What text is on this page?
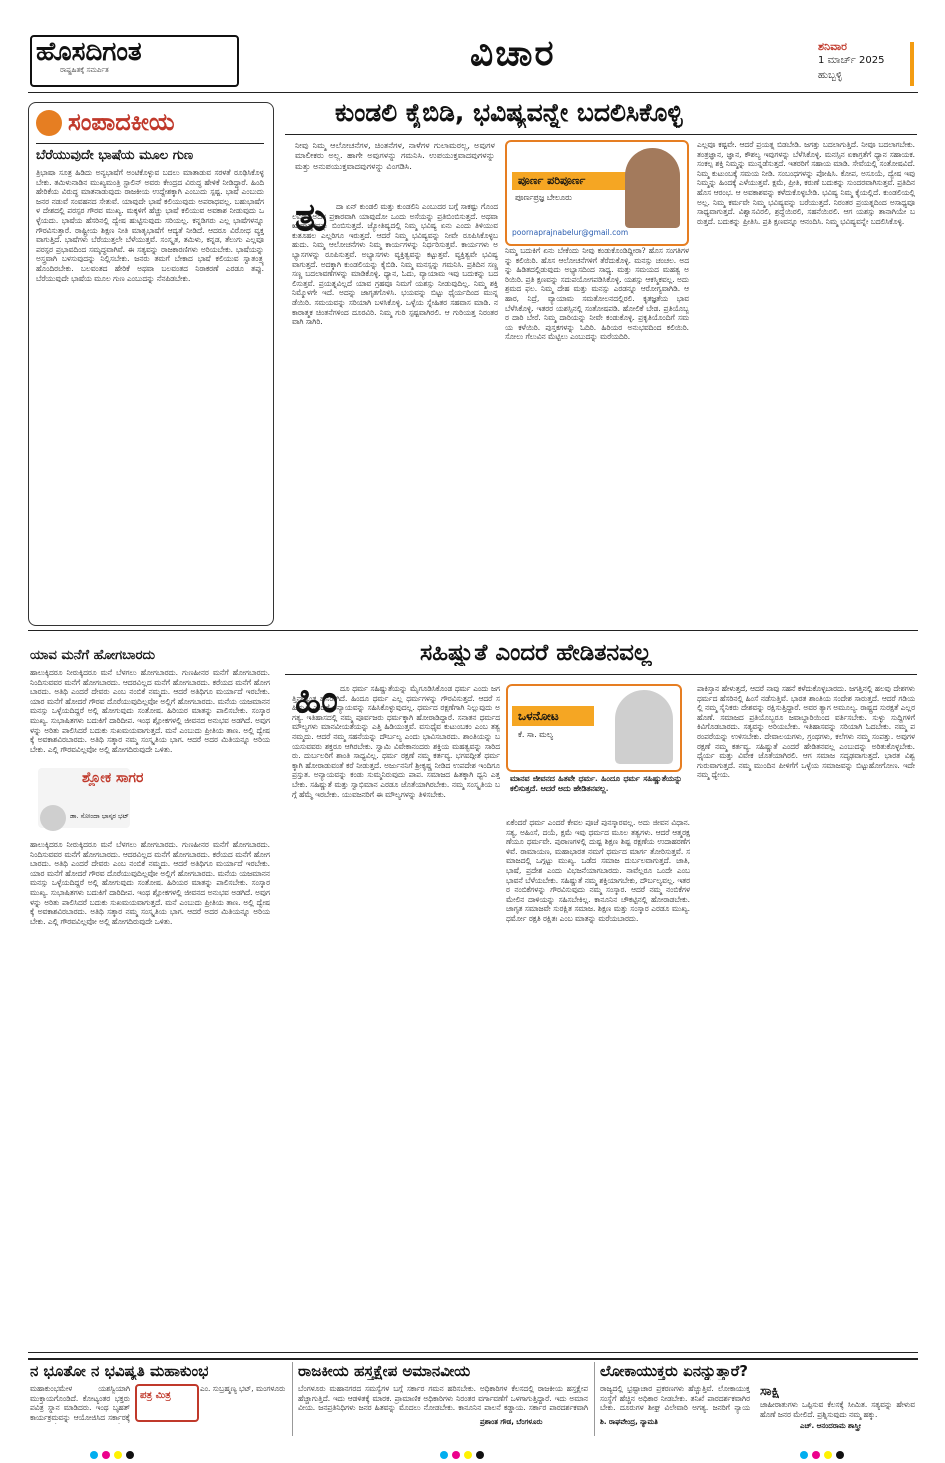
ಹೊಸದಿಗಂತ
ರಾಷ್ಟ್ರಹಿತಕ್ಕೆ ಸಮರ್ಪಿತ	ವಿಚಾರ	ಶನಿವಾರ
1 ಮಾರ್ಚ್ 2025
ಹುಬ್ಬಳ್ಳಿ
ಸಂಪಾದಕೀಯ
ಬೆರೆಯುವುದೇ ಭಾಷೆಯ ಮೂಲ ಗುಣ
ತ್ರಿಭಾಷಾ ಸೂತ್ರ ಹಿಡಿದು ಅನ್ಯಭಾಷೆಗೆ ಅಂಟಿಕೊಳ್ಳುವ ಬದಲು ಮಾತಾಡುವ ಸರಳತೆ ರೂಢಿಸಿಕೊಳ್ಳಬೇಕು. ತಮಿಳುನಾಡಿನ ಮುಖ್ಯಮಂತ್ರಿ ಸ್ಟಾಲಿನ್ ಅವರು ಕೇಂದ್ರದ ವಿರುದ್ಧ ಹೇಳಿಕೆ ನೀಡಿದ್ದಾರೆ. ಹಿಂದಿ ಹೇರಿಕೆಯ ವಿರುದ್ಧ ಮಾತನಾಡುವುದು ರಾಜಕೀಯ ಉದ್ದೇಶಕ್ಕಾಗಿ ಎಂಬುದು ಸ್ಪಷ್ಟ. ಭಾಷೆ ಎಂಬುದು ಜನರ ನಡುವೆ ಸಂವಹನದ ಸೇತುವೆ. ಯಾವುದೇ ಭಾಷೆ ಕಲಿಯುವುದು ಅಪರಾಧವಲ್ಲ. ಬಹುಭಾಷೆಗಳ ದೇಶದಲ್ಲಿ ಪರಸ್ಪರ ಗೌರವ ಮುಖ್ಯ. ಮಕ್ಕಳಿಗೆ ಹೆಚ್ಚು ಭಾಷೆ ಕಲಿಯುವ ಅವಕಾಶ ನೀಡುವುದು ಒಳ್ಳೆಯದು. ಭಾಷೆಯ ಹೆಸರಿನಲ್ಲಿ ದ್ವೇಷ ಹುಟ್ಟಿಸುವುದು ಸರಿಯಲ್ಲ. ಕನ್ನಡಿಗರು ಎಲ್ಲ ಭಾಷೆಗಳನ್ನೂ ಗೌರವಿಸುತ್ತಾರೆ. ರಾಷ್ಟ್ರೀಯ ಶಿಕ್ಷಣ ನೀತಿ ಮಾತೃಭಾಷೆಗೆ ಆದ್ಯತೆ ನೀಡಿದೆ. ಆದರೂ ವಿರೋಧ ವ್ಯಕ್ತವಾಗುತ್ತಿದೆ. ಭಾಷೆಗಳು ಬೆರೆಯುತ್ತಲೇ ಬೆಳೆಯುತ್ತವೆ. ಸಂಸ್ಕೃತ, ತಮಿಳು, ಕನ್ನಡ, ತೆಲುಗು ಎಲ್ಲವೂ ಪರಸ್ಪರ ಪ್ರಭಾವದಿಂದ ಸಮೃದ್ಧವಾಗಿವೆ. ಈ ಸತ್ಯವನ್ನು ರಾಜಕಾರಣಿಗಳು ಅರಿಯಬೇಕು. ಭಾಷೆಯನ್ನು ಅಸ್ತ್ರವಾಗಿ ಬಳಸುವುದನ್ನು ನಿಲ್ಲಿಸಬೇಕು. ಜನರು ತಮಗೆ ಬೇಕಾದ ಭಾಷೆ ಕಲಿಯುವ ಸ್ವಾತಂತ್ರ್ಯ ಹೊಂದಿರಬೇಕು. ಬಲವಂತದ ಹೇರಿಕೆ ಅಥವಾ ಬಲವಂತದ ನಿರಾಕರಣೆ ಎರಡೂ ತಪ್ಪು. ಬೆರೆಯುವುದೇ ಭಾಷೆಯ ಮೂಲ ಗುಣ ಎಂಬುದನ್ನು ನೆನಪಿಡಬೇಕು.
ಕುಂಡಲಿ ಕೈಬಿಡಿ, ಭವಿಷ್ಯವನ್ನೇ ಬದಲಿಸಿಕೊಳ್ಳಿ
ನೀವು ನಿಮ್ಮ ಆಲೋಚನೆಗಳ, ಚಿಂತನೆಗಳ, ನಾಳೆಗಳ ಗುಲಾಮರಲ್ಲ, ಅವುಗಳ ಮಾಲೀಕರು ಅಲ್ಲ. ಹಾಗೇ ಅವುಗಳನ್ನು ಗಮನಿಸಿ. ಉಪಯುಕ್ತವಾದವುಗಳನ್ನು ಮತ್ತು ಅನುಪಯುಕ್ತವಾದವುಗಳನ್ನು ವಿಂಗಡಿಸಿ.
ಪೂರ್ಣ ಪರಿಪೂರ್ಣ
ಪೂರ್ಣಪ್ರಜ್ಞ ಬೇಲೂರು
poornaprajnabelur@gmail.com
ತು	ದಾ ಏನ್ ಕುಂಡಲಿ ಮತ್ತು ಕುಂಡಲಿನಿ ಎಂಬುದರ ಬಗ್ಗೆ ಸಾಕಷ್ಟು ಗೊಂದಲವಿದೆ. ಅದರ ಪ್ರಕಾರವಾಗಿ ಯಾವುದೋ ಒಂದು ಅಸೆಯನ್ನು ಪ್ರತಿಬಿಂಬಿಸುತ್ತದೆ. ಅಥವಾ ಋಣಾತ್ಮಕವನ್ನು ಬಿಂಬಿಸುತ್ತದೆ. ಜ್ಯೋತಿಷ್ಯದಲ್ಲಿ ನಿಮ್ಮ ಭವಿಷ್ಯ ಏನು ಎಂದು ತಿಳಿಯುವ ಕುತೂಹಲ ಎಲ್ಲರಿಗೂ ಇರುತ್ತದೆ. ಆದರೆ ನಿಮ್ಮ ಭವಿಷ್ಯವನ್ನು ನೀವೇ ರೂಪಿಸಿಕೊಳ್ಳಬಹುದು. ನಿಮ್ಮ ಆಲೋಚನೆಗಳು ನಿಮ್ಮ ಕಾರ್ಯಗಳನ್ನು ನಿರ್ಧರಿಸುತ್ತವೆ. ಕಾರ್ಯಗಳು ಅಭ್ಯಾಸಗಳನ್ನು ರೂಪಿಸುತ್ತವೆ. ಅಭ್ಯಾಸಗಳು ವ್ಯಕ್ತಿತ್ವವನ್ನು ಕಟ್ಟುತ್ತವೆ. ವ್ಯಕ್ತಿತ್ವವೇ ಭವಿಷ್ಯವಾಗುತ್ತದೆ. ಅದಕ್ಕಾಗಿ ಕುಂಡಲಿಯನ್ನು ಕೈಬಿಡಿ. ನಿಮ್ಮ ಮನಸ್ಸನ್ನು ಗಮನಿಸಿ. ಪ್ರತಿದಿನ ಸಣ್ಣ ಸಣ್ಣ ಬದಲಾವಣೆಗಳನ್ನು ಮಾಡಿಕೊಳ್ಳಿ. ಧ್ಯಾನ, ಓದು, ವ್ಯಾಯಾಮ ಇವು ಬದುಕನ್ನು ಬದಲಿಸುತ್ತವೆ. ಪ್ರಯತ್ನವಿಲ್ಲದೆ ಯಾವ ಗ್ರಹವೂ ನಿಮಗೆ ಯಶಸ್ಸು ನೀಡುವುದಿಲ್ಲ. ನಿಮ್ಮ ಶಕ್ತಿ ನಿಮ್ಮೊಳಗೇ ಇದೆ. ಅದನ್ನು ಜಾಗೃತಗೊಳಿಸಿ. ಭಯವನ್ನು ಬಿಟ್ಟು ಧೈರ್ಯದಿಂದ ಮುನ್ನಡೆಯಿರಿ. ಸಮಯವನ್ನು ಸರಿಯಾಗಿ ಬಳಸಿಕೊಳ್ಳಿ. ಒಳ್ಳೆಯ ಸ್ನೇಹಿತರ ಸಹವಾಸ ಮಾಡಿ. ನಕಾರಾತ್ಮಕ ಚಿಂತನೆಗಳಿಂದ ದೂರವಿರಿ. ನಿಮ್ಮ ಗುರಿ ಸ್ಪಷ್ಟವಾಗಿರಲಿ. ಆ ಗುರಿಯತ್ತ ನಿರಂತರವಾಗಿ ಸಾಗಿರಿ.
ನಿಮ್ಮ ಬದುಕಿಗೆ ಏನು ಬೇಕೆಂದು ನೀವು ಕಂಡುಕೊಂಡಿದ್ದೀರಾ? ಹೊಸ ಸಂಗತಿಗಳನ್ನು ಕಲಿಯಿರಿ. ಹೊಸ ಆಲೋಚನೆಗಳಿಗೆ ತೆರೆದುಕೊಳ್ಳಿ. ಮನಸ್ಸು ಚಂಚಲ. ಅದನ್ನು ಹಿಡಿತದಲ್ಲಿಡುವುದು ಅಭ್ಯಾಸದಿಂದ ಸಾಧ್ಯ. ಮತ್ತು ಸಮಯದ ಮಹತ್ವ ಅರಿಯಿರಿ. ಪ್ರತಿ ಕ್ಷಣವನ್ನು ಸದುಪಯೋಗಪಡಿಸಿಕೊಳ್ಳಿ. ಯಶಸ್ಸು ಆಕಸ್ಮಿಕವಲ್ಲ. ಅದು ಶ್ರಮದ ಫಲ. ನಿಮ್ಮ ದೇಹ ಮತ್ತು ಮನಸ್ಸು ಎರಡನ್ನೂ ಆರೋಗ್ಯವಾಗಿಡಿ. ಆಹಾರ, ನಿದ್ರೆ, ವ್ಯಾಯಾಮ ಸಮತೋಲನದಲ್ಲಿರಲಿ. ಕೃತಜ್ಞತೆಯ ಭಾವ ಬೆಳೆಸಿಕೊಳ್ಳಿ. ಇತರರ ಯಶಸ್ಸಿನಲ್ಲಿ ಸಂತೋಷಪಡಿ. ಹೋಲಿಕೆ ಬೇಡ. ಪ್ರತಿಯೊಬ್ಬರ ದಾರಿ ಬೇರೆ. ನಿಮ್ಮ ದಾರಿಯನ್ನು ನೀವೇ ಕಂಡುಕೊಳ್ಳಿ. ಪ್ರಕೃತಿಯೊಂದಿಗೆ ಸಮಯ ಕಳೆಯಿರಿ. ಪುಸ್ತಕಗಳನ್ನು ಓದಿರಿ. ಹಿರಿಯರ ಅನುಭವದಿಂದ ಕಲಿಯಿರಿ. ಸೋಲು ಗೆಲುವಿನ ಮೆಟ್ಟಿಲು ಎಂಬುದನ್ನು ಮರೆಯದಿರಿ.
ಎಲ್ಲವೂ ಕಷ್ಟವೇ. ಆದರೆ ಪ್ರಯತ್ನ ಬಿಡಬೇಡಿ. ಜಗತ್ತು ಬದಲಾಗುತ್ತಿದೆ. ನೀವೂ ಬದಲಾಗಬೇಕು. ತಂತ್ರಜ್ಞಾನ, ಜ್ಞಾನ, ಕೌಶಲ್ಯ ಇವುಗಳನ್ನು ಬೆಳೆಸಿಕೊಳ್ಳಿ. ಮನಸ್ಸಿನ ಏಕಾಗ್ರತೆಗೆ ಧ್ಯಾನ ಸಹಾಯಕ. ಸಂಕಲ್ಪ ಶಕ್ತಿ ನಿಮ್ಮನ್ನು ಮುನ್ನಡೆಸುತ್ತದೆ. ಇತರರಿಗೆ ಸಹಾಯ ಮಾಡಿ. ಸೇವೆಯಲ್ಲಿ ಸಂತೋಷವಿದೆ. ನಿಮ್ಮ ಕುಟುಂಬಕ್ಕೆ ಸಮಯ ನೀಡಿ. ಸಂಬಂಧಗಳನ್ನು ಪೋಷಿಸಿ. ಕೋಪ, ಅಸೂಯೆ, ದ್ವೇಷ ಇವು ನಿಮ್ಮನ್ನು ಹಿಂದಕ್ಕೆ ಎಳೆಯುತ್ತವೆ. ಕ್ಷಮೆ, ಪ್ರೀತಿ, ಕರುಣೆ ಬದುಕನ್ನು ಸುಂದರವಾಗಿಸುತ್ತವೆ. ಪ್ರತಿದಿನ ಹೊಸ ಆರಂಭ. ಆ ಅವಕಾಶವನ್ನು ಕಳೆದುಕೊಳ್ಳಬೇಡಿ. ಭವಿಷ್ಯ ನಿಮ್ಮ ಕೈಯಲ್ಲಿದೆ. ಕುಂಡಲಿಯಲ್ಲಿ ಅಲ್ಲ. ನಿಮ್ಮ ಕರ್ಮವೇ ನಿಮ್ಮ ಭವಿಷ್ಯವನ್ನು ಬರೆಯುತ್ತದೆ. ನಿರಂತರ ಪ್ರಯತ್ನದಿಂದ ಅಸಾಧ್ಯವೂ ಸಾಧ್ಯವಾಗುತ್ತದೆ. ವಿಶ್ವಾಸವಿರಲಿ, ಶ್ರದ್ಧೆಯಿರಲಿ, ಸಹನೆಯಿರಲಿ. ಆಗ ಯಶಸ್ಸು ತಾನಾಗಿಯೇ ಬರುತ್ತದೆ. ಬದುಕನ್ನು ಪ್ರೀತಿಸಿ. ಪ್ರತಿ ಕ್ಷಣವನ್ನೂ ಆನಂದಿಸಿ. ನಿಮ್ಮ ಭವಿಷ್ಯವನ್ನೇ ಬದಲಿಸಿಕೊಳ್ಳಿ.
ಯಾವ ಮನೆಗೆ ಹೋಗಬಾರದು
ಹಾಲುಕ್ಕಿದರೂ ನೀರುಕ್ಕಿದರೂ ಮನೆ ಬೆಳಗಲು ಹೋಗಬಾರದು. ಗುಣಹೀನರ ಮನೆಗೆ ಹೋಗಬಾರದು. ನಿಂದಿಸುವವರ ಮನೆಗೆ ಹೋಗಬಾರದು. ಆದರವಿಲ್ಲದ ಮನೆಗೆ ಹೋಗಬಾರದು. ಕರೆಯದ ಮನೆಗೆ ಹೋಗಬಾರದು. ಅತಿಥಿ ಎಂದರೆ ದೇವರು ಎಂಬ ನಂಬಿಕೆ ನಮ್ಮದು. ಆದರೆ ಅತಿಥಿಗೂ ಮರ್ಯಾದೆ ಇರಬೇಕು. ಯಾರ ಮನೆಗೆ ಹೋದರೆ ಗೌರವ ದೊರೆಯುವುದಿಲ್ಲವೋ ಅಲ್ಲಿಗೆ ಹೋಗಬಾರದು. ಮನೆಯ ಯಜಮಾನನ ಮನಸ್ಸು ಒಳ್ಳೆಯದಿದ್ದರೆ ಅಲ್ಲಿ ಹೋಗುವುದು ಸಂತೋಷ. ಹಿರಿಯರ ಮಾತನ್ನು ಪಾಲಿಸಬೇಕು. ಸಂಸ್ಕಾರ ಮುಖ್ಯ. ಸುಭಾಷಿತಗಳು ಬದುಕಿಗೆ ದಾರಿದೀಪ. ಇಂಥ ಶ್ಲೋಕಗಳಲ್ಲಿ ಜೀವನದ ಅನುಭವ ಅಡಗಿದೆ. ಅವುಗಳನ್ನು ಅರಿತು ಪಾಲಿಸಿದರೆ ಬದುಕು ಸುಖಮಯವಾಗುತ್ತದೆ. ಮನೆ ಎಂಬುದು ಪ್ರೀತಿಯ ತಾಣ. ಅಲ್ಲಿ ದ್ವೇಷಕ್ಕೆ ಅವಕಾಶವಿರಬಾರದು. ಅತಿಥಿ ಸತ್ಕಾರ ನಮ್ಮ ಸಂಸ್ಕೃತಿಯ ಭಾಗ. ಆದರೆ ಅದರ ಮಿತಿಯನ್ನೂ ಅರಿಯಬೇಕು. ಎಲ್ಲಿ ಗೌರವವಿಲ್ಲವೋ ಅಲ್ಲಿ ಹೋಗದಿರುವುದೇ ಒಳಿತು.
ಶ್ಲೋಕ ಸಾಗರ
ಡಾ. ಸೋಂದಾ ಭಾಸ್ಕರ ಭಟ್
ಹಾಲುಕ್ಕಿದರೂ ನೀರುಕ್ಕಿದರೂ ಮನೆ ಬೆಳಗಲು ಹೋಗಬಾರದು. ಗುಣಹೀನರ ಮನೆಗೆ ಹೋಗಬಾರದು. ನಿಂದಿಸುವವರ ಮನೆಗೆ ಹೋಗಬಾರದು. ಆದರವಿಲ್ಲದ ಮನೆಗೆ ಹೋಗಬಾರದು. ಕರೆಯದ ಮನೆಗೆ ಹೋಗಬಾರದು. ಅತಿಥಿ ಎಂದರೆ ದೇವರು ಎಂಬ ನಂಬಿಕೆ ನಮ್ಮದು. ಆದರೆ ಅತಿಥಿಗೂ ಮರ್ಯಾದೆ ಇರಬೇಕು. ಯಾರ ಮನೆಗೆ ಹೋದರೆ ಗೌರವ ದೊರೆಯುವುದಿಲ್ಲವೋ ಅಲ್ಲಿಗೆ ಹೋಗಬಾರದು. ಮನೆಯ ಯಜಮಾನನ ಮನಸ್ಸು ಒಳ್ಳೆಯದಿದ್ದರೆ ಅಲ್ಲಿ ಹೋಗುವುದು ಸಂತೋಷ. ಹಿರಿಯರ ಮಾತನ್ನು ಪಾಲಿಸಬೇಕು. ಸಂಸ್ಕಾರ ಮುಖ್ಯ. ಸುಭಾಷಿತಗಳು ಬದುಕಿಗೆ ದಾರಿದೀಪ. ಇಂಥ ಶ್ಲೋಕಗಳಲ್ಲಿ ಜೀವನದ ಅನುಭವ ಅಡಗಿದೆ. ಅವುಗಳನ್ನು ಅರಿತು ಪಾಲಿಸಿದರೆ ಬದುಕು ಸುಖಮಯವಾಗುತ್ತದೆ. ಮನೆ ಎಂಬುದು ಪ್ರೀತಿಯ ತಾಣ. ಅಲ್ಲಿ ದ್ವೇಷಕ್ಕೆ ಅವಕಾಶವಿರಬಾರದು. ಅತಿಥಿ ಸತ್ಕಾರ ನಮ್ಮ ಸಂಸ್ಕೃತಿಯ ಭಾಗ. ಆದರೆ ಅದರ ಮಿತಿಯನ್ನೂ ಅರಿಯಬೇಕು. ಎಲ್ಲಿ ಗೌರವವಿಲ್ಲವೋ ಅಲ್ಲಿ ಹೋಗದಿರುವುದೇ ಒಳಿತು.
ಸಹಿಷ್ಣುತೆ ಎಂದರೆ ಹೇಡಿತನವಲ್ಲ
ಹಿಂ ದೂ ಧರ್ಮ ಸಹಿಷ್ಣುತೆಯನ್ನು ಮೈಗೂಡಿಸಿಕೊಂಡ ಧರ್ಮ ಎಂದು ಜಗತ್ತಿನಾದ್ಯಂತ ಹೆಸರಾಗಿದೆ. ಹಿಂದೂ ಧರ್ಮ ಎಲ್ಲ ಧರ್ಮಗಳನ್ನು ಗೌರವಿಸುತ್ತದೆ. ಆದರೆ ಸಹಿಷ್ಣುತೆ ಎಂದರೆ ಅನ್ಯಾಯವನ್ನು ಸಹಿಸಿಕೊಳ್ಳುವುದಲ್ಲ. ಧರ್ಮದ ರಕ್ಷಣೆಗಾಗಿ ನಿಲ್ಲುವುದು ಅಗತ್ಯ. ಇತಿಹಾಸದಲ್ಲಿ ನಮ್ಮ ಪೂರ್ವಜರು ಧರ್ಮಕ್ಕಾಗಿ ಹೋರಾಡಿದ್ದಾರೆ. ಸನಾತನ ಧರ್ಮದ ಮೌಲ್ಯಗಳು ಮಾನವೀಯತೆಯನ್ನು ಎತ್ತಿ ಹಿಡಿಯುತ್ತವೆ. ವಸುಧೈವ ಕುಟುಂಬಕಂ ಎಂಬ ತತ್ವ ನಮ್ಮದು. ಆದರೆ ನಮ್ಮ ಸಹನೆಯನ್ನು ದೌರ್ಬಲ್ಯ ಎಂದು ಭಾವಿಸಬಾರದು. ಶಾಂತಿಯನ್ನು ಬಯಸುವವರು ಶಕ್ತರೂ ಆಗಿರಬೇಕು. ಸ್ವಾಮಿ ವಿವೇಕಾನಂದರು ಶಕ್ತಿಯ ಮಹತ್ವವನ್ನು ಸಾರಿದರು. ದುರ್ಬಲರಿಗೆ ಶಾಂತಿ ಸಾಧ್ಯವಿಲ್ಲ. ಧರ್ಮ ರಕ್ಷಣೆ ನಮ್ಮ ಕರ್ತವ್ಯ. ಭಗವದ್ಗೀತೆ ಧರ್ಮಕ್ಕಾಗಿ ಹೋರಾಡುವಂತೆ ಕರೆ ನೀಡುತ್ತದೆ. ಅರ್ಜುನನಿಗೆ ಶ್ರೀಕೃಷ್ಣ ನೀಡಿದ ಉಪದೇಶ ಇಂದಿಗೂ ಪ್ರಸ್ತುತ. ಅನ್ಯಾಯವನ್ನು ಕಂಡು ಸುಮ್ಮನಿರುವುದು ಪಾಪ. ಸಮಾಜದ ಹಿತಕ್ಕಾಗಿ ಧ್ವನಿ ಎತ್ತಬೇಕು. ಸಹಿಷ್ಣುತೆ ಮತ್ತು ಸ್ವಾಭಿಮಾನ ಎರಡೂ ಜೊತೆಯಾಗಿರಬೇಕು. ನಮ್ಮ ಸಂಸ್ಕೃತಿಯ ಬಗ್ಗೆ ಹೆಮ್ಮೆ ಇರಬೇಕು. ಯುವಜನರಿಗೆ ಈ ಮೌಲ್ಯಗಳನ್ನು ತಿಳಿಸಬೇಕು.
ಒಳನೋಟ
ಕೆ. ಸಾ. ಮಲ್ಯ
ಮಾನವ ಜೀವನದ ಹಿತವೇ ಧರ್ಮ. ಹಿಂದೂ ಧರ್ಮ ಸಹಿಷ್ಣುತೆಯನ್ನು ಕಲಿಸುತ್ತದೆ. ಆದರೆ ಅದು ಹೇಡಿತನವಲ್ಲ.
ಏಕೆಂದರೆ ಧರ್ಮ ಎಂದರೆ ಕೇವಲ ಪೂಜೆ ಪುನಸ್ಕಾರವಲ್ಲ. ಅದು ಜೀವನ ವಿಧಾನ. ಸತ್ಯ, ಅಹಿಂಸೆ, ದಯೆ, ಕ್ಷಮೆ ಇವು ಧರ್ಮದ ಮೂಲ ತತ್ವಗಳು. ಆದರೆ ಆತ್ಮರಕ್ಷಣೆಯೂ ಧರ್ಮವೇ. ಪುರಾಣಗಳಲ್ಲಿ ದುಷ್ಟ ಶಿಕ್ಷಣ ಶಿಷ್ಟ ರಕ್ಷಣೆಯ ಉದಾಹರಣೆಗಳಿವೆ. ರಾಮಾಯಣ, ಮಹಾಭಾರತ ನಮಗೆ ಧರ್ಮದ ಮಾರ್ಗ ತೋರಿಸುತ್ತವೆ. ಸಮಾಜದಲ್ಲಿ ಒಗ್ಗಟ್ಟು ಮುಖ್ಯ. ಒಡೆದ ಸಮಾಜ ದುರ್ಬಲವಾಗುತ್ತದೆ. ಜಾತಿ, ಭಾಷೆ, ಪ್ರದೇಶ ಎಂದು ವಿಭಜನೆಯಾಗಬಾರದು. ನಾವೆಲ್ಲರೂ ಒಂದೇ ಎಂಬ ಭಾವನೆ ಬೆಳೆಯಬೇಕು. ಸಹಿಷ್ಣುತೆ ನಮ್ಮ ಶಕ್ತಿಯಾಗಬೇಕು, ದೌರ್ಬಲ್ಯವಲ್ಲ. ಇತರರ ನಂಬಿಕೆಗಳನ್ನು ಗೌರವಿಸುವುದು ನಮ್ಮ ಸಂಸ್ಕಾರ. ಆದರೆ ನಮ್ಮ ನಂಬಿಕೆಗಳ ಮೇಲಿನ ದಾಳಿಯನ್ನು ಸಹಿಸಬೇಕಿಲ್ಲ. ಕಾನೂನಿನ ಚೌಕಟ್ಟಿನಲ್ಲಿ ಹೋರಾಡಬೇಕು. ಜಾಗೃತ ಸಮಾಜವೇ ಸುರಕ್ಷಿತ ಸಮಾಜ. ಶಿಕ್ಷಣ ಮತ್ತು ಸಂಸ್ಕಾರ ಎರಡೂ ಮುಖ್ಯ. ಧರ್ಮೋ ರಕ್ಷತಿ ರಕ್ಷಿತಃ ಎಂಬ ಮಾತನ್ನು ಮರೆಯಬಾರದು.
ಪಾಕಿಸ್ತಾನ ಹೇಳುತ್ತದೆ, ಆದರೆ ನಾವು ಸಹನೆ ಕಳೆದುಕೊಳ್ಳಬಾರದು. ಜಗತ್ತಿನಲ್ಲಿ ಹಲವು ದೇಶಗಳು ಧರ್ಮದ ಹೆಸರಿನಲ್ಲಿ ಹಿಂಸೆ ನಡೆಸುತ್ತಿವೆ. ಭಾರತ ಶಾಂತಿಯ ಸಂದೇಶ ಸಾರುತ್ತದೆ. ಆದರೆ ಗಡಿಯಲ್ಲಿ ನಮ್ಮ ಸೈನಿಕರು ದೇಶವನ್ನು ರಕ್ಷಿಸುತ್ತಿದ್ದಾರೆ. ಅವರ ತ್ಯಾಗ ಅಮೂಲ್ಯ. ರಾಷ್ಟ್ರದ ಸುರಕ್ಷತೆ ಎಲ್ಲರ ಹೊಣೆ. ಸಮಾಜದ ಪ್ರತಿಯೊಬ್ಬರೂ ಜವಾಬ್ದಾರಿಯಿಂದ ವರ್ತಿಸಬೇಕು. ಸುಳ್ಳು ಸುದ್ದಿಗಳಿಗೆ ಕಿವಿಗೊಡಬಾರದು. ಸತ್ಯವನ್ನು ಅರಿಯಬೇಕು. ಇತಿಹಾಸವನ್ನು ಸರಿಯಾಗಿ ಓದಬೇಕು. ನಮ್ಮ ಪರಂಪರೆಯನ್ನು ಉಳಿಸಬೇಕು. ದೇವಾಲಯಗಳು, ಗ್ರಂಥಗಳು, ಕಲೆಗಳು ನಮ್ಮ ಸಂಪತ್ತು. ಅವುಗಳ ರಕ್ಷಣೆ ನಮ್ಮ ಕರ್ತವ್ಯ. ಸಹಿಷ್ಣುತೆ ಎಂದರೆ ಹೇಡಿತನವಲ್ಲ ಎಂಬುದನ್ನು ಅರಿತುಕೊಳ್ಳಬೇಕು. ಧೈರ್ಯ ಮತ್ತು ವಿವೇಕ ಜೊತೆಯಾಗಿರಲಿ. ಆಗ ಸಮಾಜ ಸದೃಢವಾಗುತ್ತದೆ. ಭಾರತ ವಿಶ್ವಗುರುವಾಗುತ್ತದೆ. ನಮ್ಮ ಮುಂದಿನ ಪೀಳಿಗೆಗೆ ಒಳ್ಳೆಯ ಸಮಾಜವನ್ನು ಬಿಟ್ಟುಹೋಗೋಣ. ಇದೇ ನಮ್ಮ ಧ್ಯೇಯ.
ನ ಭೂತೋ ನ ಭವಿಷ್ಯತಿ ಮಹಾಕುಂಭ
ಮಹಾಕುಂಭಮೇಳ ಯಶಸ್ವಿಯಾಗಿ ಮುಕ್ತಾಯಗೊಂಡಿದೆ. ಕೋಟ್ಯಂತರ ಭಕ್ತರು ಪವಿತ್ರ ಸ್ನಾನ ಮಾಡಿದರು. ಇಂಥ ಬೃಹತ್ ಕಾರ್ಯಕ್ರಮವನ್ನು ಆಯೋಜಿಸಿದ ಸರ್ಕಾರಕ್ಕೆ
ಪತ್ರ ಮಿತ್ರ
ಎಂ. ಸುಬ್ರಹ್ಮಣ್ಯ ಭಟ್, ಮಂಗಳೂರು
ರಾಜಕೀಯ ಹಸ್ತಕ್ಷೇಪ ಅಮಾನವೀಯ
ಬೆಂಗಳೂರು ಮಹಾನಗರದ ಸಮಸ್ಯೆಗಳ ಬಗ್ಗೆ ಸರ್ಕಾರ ಗಮನ ಹರಿಸಬೇಕು. ಅಧಿಕಾರಿಗಳ ಕೆಲಸದಲ್ಲಿ ರಾಜಕೀಯ ಹಸ್ತಕ್ಷೇಪ ಹೆಚ್ಚಾಗುತ್ತಿದೆ. ಇದು ಆಡಳಿತಕ್ಕೆ ಮಾರಕ. ಪ್ರಾಮಾಣಿಕ ಅಧಿಕಾರಿಗಳು ನಿರಂತರ ವರ್ಗಾವಣೆಗೆ ಒಳಗಾಗುತ್ತಿದ್ದಾರೆ. ಇದು ಅಮಾನವೀಯ. ಜನಪ್ರತಿನಿಧಿಗಳು ಜನರ ಹಿತವನ್ನು ಮೊದಲು ನೋಡಬೇಕು. ಕಾನೂನಿನ ಪಾಲನೆ ಕಡ್ಡಾಯ. ಸರ್ಕಾರ ಪಾರದರ್ಶಕವಾಗಿ
ಪ್ರಶಾಂತ ಗೌಡ, ಬೆಂಗಳೂರು
ಲೋಕಾಯುಕ್ತರು ಏನನ್ನುತ್ತಾರೆ?
ರಾಜ್ಯದಲ್ಲಿ ಭ್ರಷ್ಟಾಚಾರ ಪ್ರಕರಣಗಳು ಹೆಚ್ಚುತ್ತಿವೆ. ಲೋಕಾಯುಕ್ತ ಸಂಸ್ಥೆಗೆ ಹೆಚ್ಚಿನ ಅಧಿಕಾರ ನೀಡಬೇಕು. ತನಿಖೆ ಪಾರದರ್ಶಕವಾಗಿರಬೇಕು. ದೂರುಗಳ ಶೀಘ್ರ ವಿಲೇವಾರಿ ಅಗತ್ಯ. ಜನರಿಗೆ ನ್ಯಾಯ
ಶಿ. ರಾಘವೇಂದ್ರ, ನ್ಯಾಮತಿ
ಸಾಕ್ಷಿ
ಜಾಹೀರಾತುಗಳು ಒಪ್ಪಿಸುವ ಕೆಲಸಕ್ಕೆ ಸೀಮಿತ. ಸತ್ಯವನ್ನು ಹೇಳುವ ಹೊಣೆ ಜನರ ಮೇಲಿದೆ. ಪ್ರಶ್ನಿಸುವುದು ನಮ್ಮ ಹಕ್ಕು.
ಎಚ್. ಆನಂದರಾಮ ಶಾಸ್ತ್ರೀ
